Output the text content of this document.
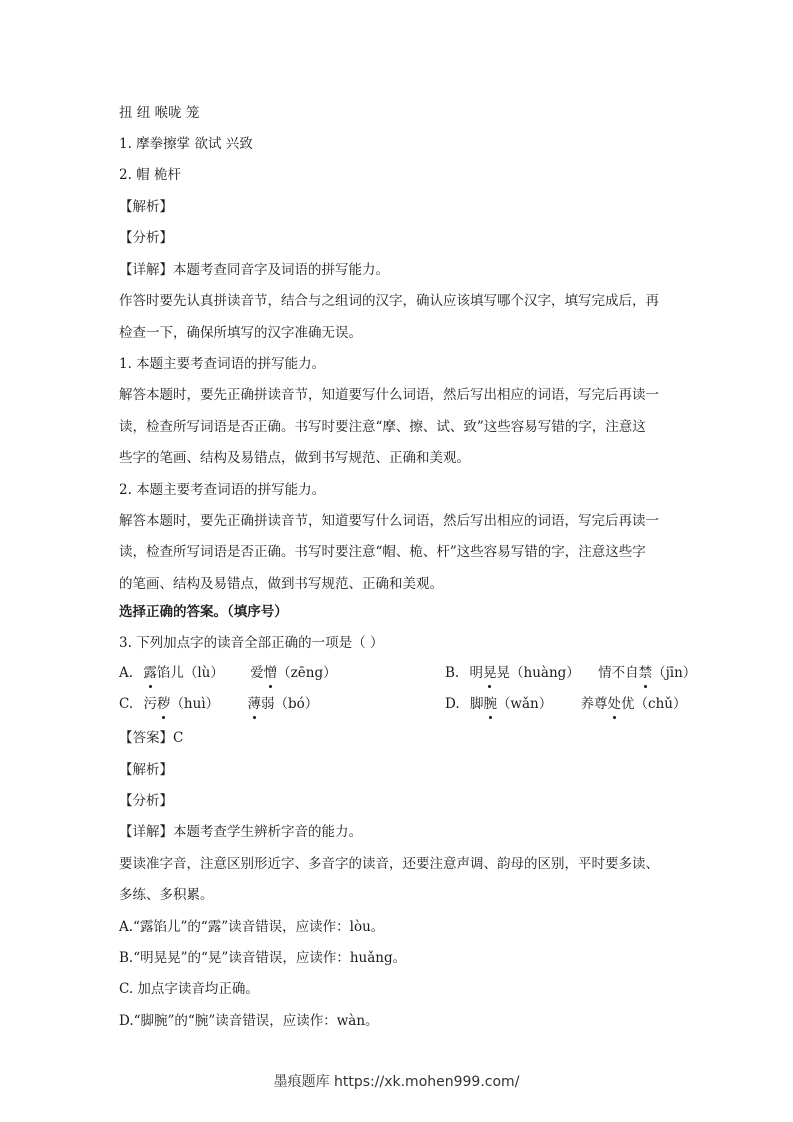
扭 纽 喉咙 笼
1. 摩拳擦掌 欲试 兴致
2. 帽 桅杆
【解析】
【分析】
【详解】本题考查同音字及词语的拼写能力。
作答时要先认真拼读音节，结合与之组词的汉字，确认应该填写哪个汉字，填写完成后，再
检查一下，确保所填写的汉字准确无误。
1. 本题主要考查词语的拼写能力。
解答本题时，要先正确拼读音节，知道要写什么词语，然后写出相应的词语，写完后再读一
读，检查所写词语是否正确。书写时要注意“摩、擦、试、致”这些容易写错的字，注意这
些字的笔画、结构及易错点，做到书写规范、正确和美观。
2. 本题主要考查词语的拼写能力。
解答本题时，要先正确拼读音节，知道要写什么词语，然后写出相应的词语，写完后再读一
读，检查所写词语是否正确。书写时要注意“帽、桅、杆”这些容易写错的字，注意这些字
的笔画、结构及易错点，做到书写规范、正确和美观。
选择正确的答案。（填序号）
3. 下列加点字的读音全部正确的一项是（ ）
A. 露馅儿（lù） 爱憎（zēng）	B. 明晃晃（huàng） 情不自禁（jīn）
C. 污秽（huì） 薄弱（bó）	D. 脚腕（wǎn） 养尊处优（chǔ）
【答案】C
【解析】
【分析】
【详解】本题考查学生辨析字音的能力。
要读准字音，注意区别形近字、多音字的读音，还要注意声调、韵母的区别，平时要多读、
多练、多积累。
A.“露馅儿”的“露”读音错误，应读作：lòu。
B.“明晃晃”的“晃”读音错误，应读作：huǎng。
C. 加点字读音均正确。
D.“脚腕”的“腕”读音错误，应读作：wàn。
墨痕题库 https://xk.mohen999.com/
